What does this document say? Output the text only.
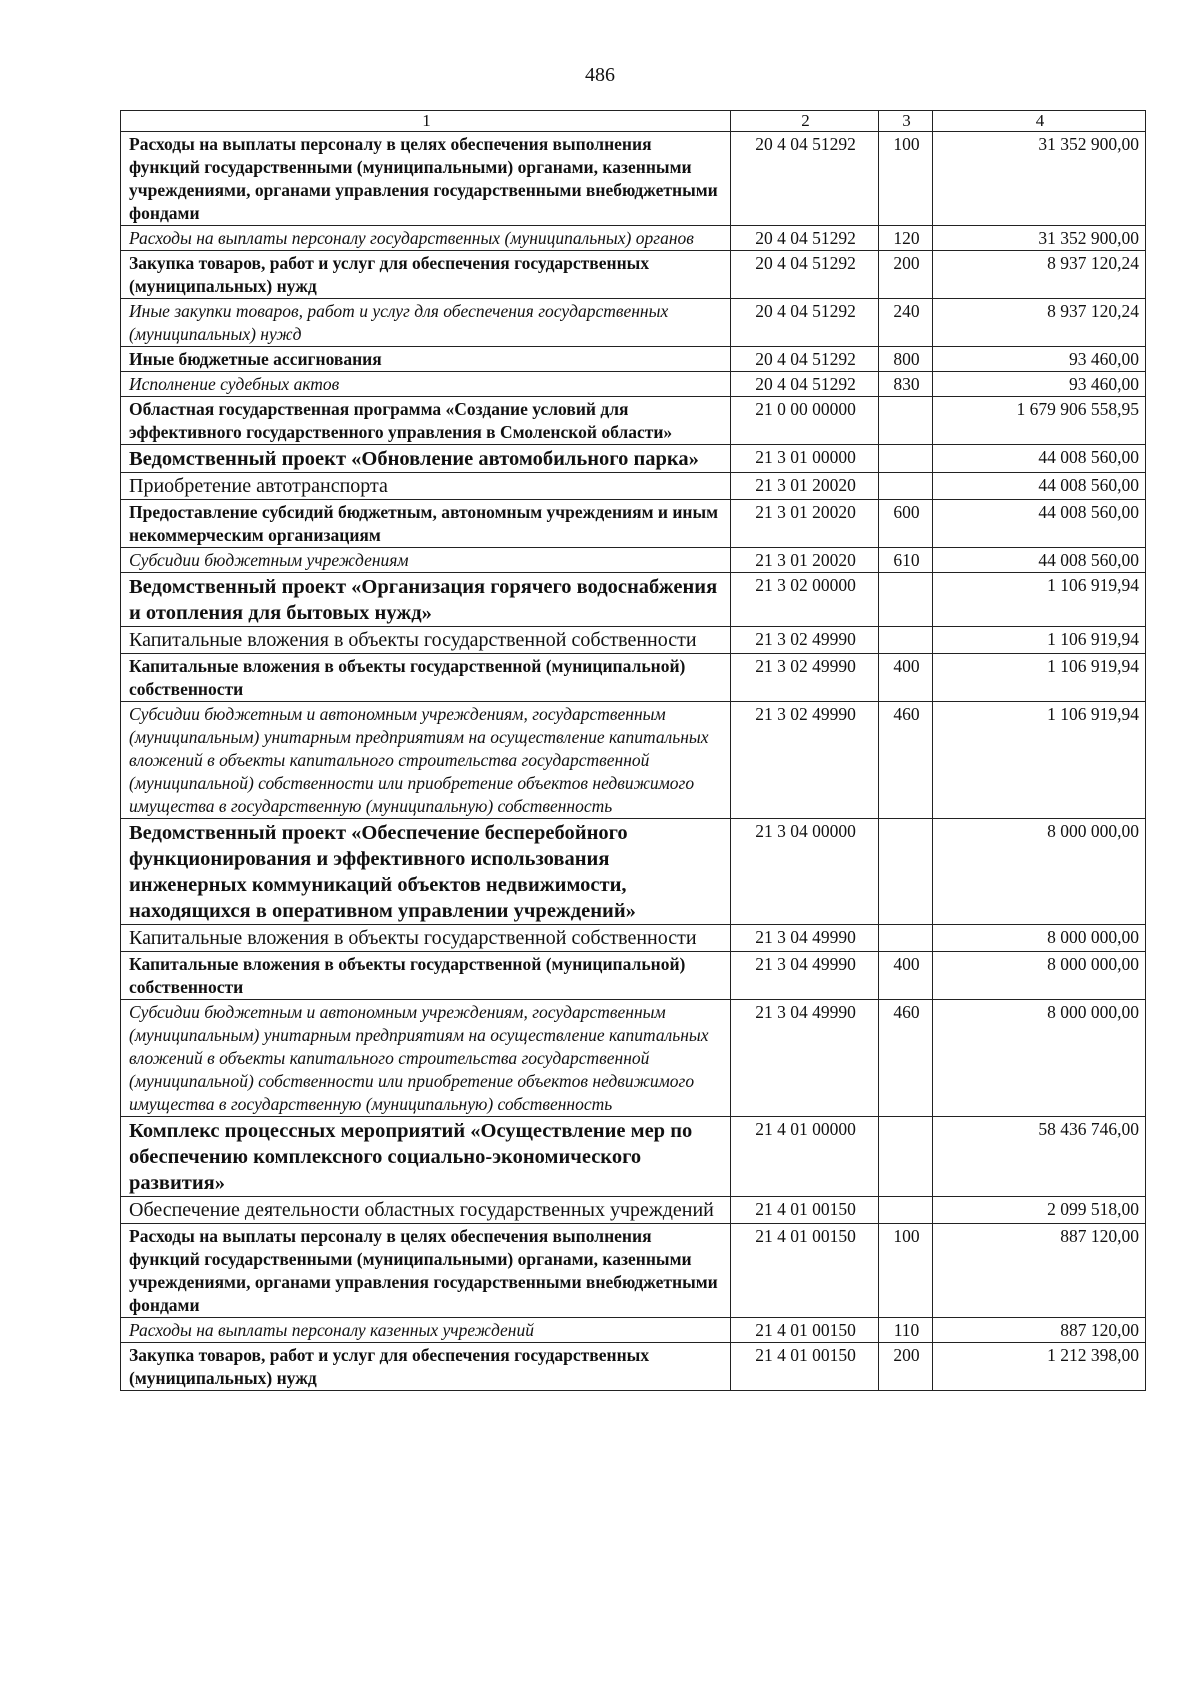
486
1	2	3	4
Расходы на выплаты персоналу в целях обеспечения выполнения функций государственными (муниципальными) органами, казенными учреждениями, органами управления государственными внебюджетными фондами	20 4 04 51292	100	31 352 900,00
Расходы на выплаты персоналу государственных (муниципальных) органов	20 4 04 51292	120	31 352 900,00
Закупка товаров, работ и услуг для обеспечения государственных (муниципальных) нужд	20 4 04 51292	200	8 937 120,24
Иные закупки товаров, работ и услуг для обеспечения государственных (муниципальных) нужд	20 4 04 51292	240	8 937 120,24
Иные бюджетные ассигнования	20 4 04 51292	800	93 460,00
Исполнение судебных актов	20 4 04 51292	830	93 460,00
Областная государственная программа «Создание условий для эффективного государственного управления в Смоленской области»	21 0 00 00000		1 679 906 558,95
Ведомственный проект «Обновление автомобильного парка»	21 3 01 00000		44 008 560,00
Приобретение автотранспорта	21 3 01 20020		44 008 560,00
Предоставление субсидий бюджетным, автономным учреждениям и иным некоммерческим организациям	21 3 01 20020	600	44 008 560,00
Субсидии бюджетным учреждениям	21 3 01 20020	610	44 008 560,00
Ведомственный проект «Организация горячего водоснабжения и отопления для бытовых нужд»	21 3 02 00000		1 106 919,94
Капитальные вложения в объекты государственной собственности	21 3 02 49990		1 106 919,94
Капитальные вложения в объекты государственной (муниципальной) собственности	21 3 02 49990	400	1 106 919,94
Субсидии бюджетным и автономным учреждениям, государственным (муниципальным) унитарным предприятиям на осуществление капитальных вложений в объекты капитального строительства государственной (муниципальной) собственности или приобретение объектов недвижимого имущества в государственную (муниципальную) собственность	21 3 02 49990	460	1 106 919,94
Ведомственный проект «Обеспечение бесперебойного функционирования и эффективного использования инженерных коммуникаций объектов недвижимости, находящихся в оперативном управлении учреждений»	21 3 04 00000		8 000 000,00
Капитальные вложения в объекты государственной собственности	21 3 04 49990		8 000 000,00
Капитальные вложения в объекты государственной (муниципальной) собственности	21 3 04 49990	400	8 000 000,00
Субсидии бюджетным и автономным учреждениям, государственным (муниципальным) унитарным предприятиям на осуществление капитальных вложений в объекты капитального строительства государственной (муниципальной) собственности или приобретение объектов недвижимого имущества в государственную (муниципальную) собственность	21 3 04 49990	460	8 000 000,00
Комплекс процессных мероприятий «Осуществление мер по обеспечению комплексного социально-экономического развития»	21 4 01 00000		58 436 746,00
Обеспечение деятельности областных государственных учреждений	21 4 01 00150		2 099 518,00
Расходы на выплаты персоналу в целях обеспечения выполнения функций государственными (муниципальными) органами, казенными учреждениями, органами управления государственными внебюджетными фондами	21 4 01 00150	100	887 120,00
Расходы на выплаты персоналу казенных учреждений	21 4 01 00150	110	887 120,00
Закупка товаров, работ и услуг для обеспечения государственных (муниципальных) нужд	21 4 01 00150	200	1 212 398,00
